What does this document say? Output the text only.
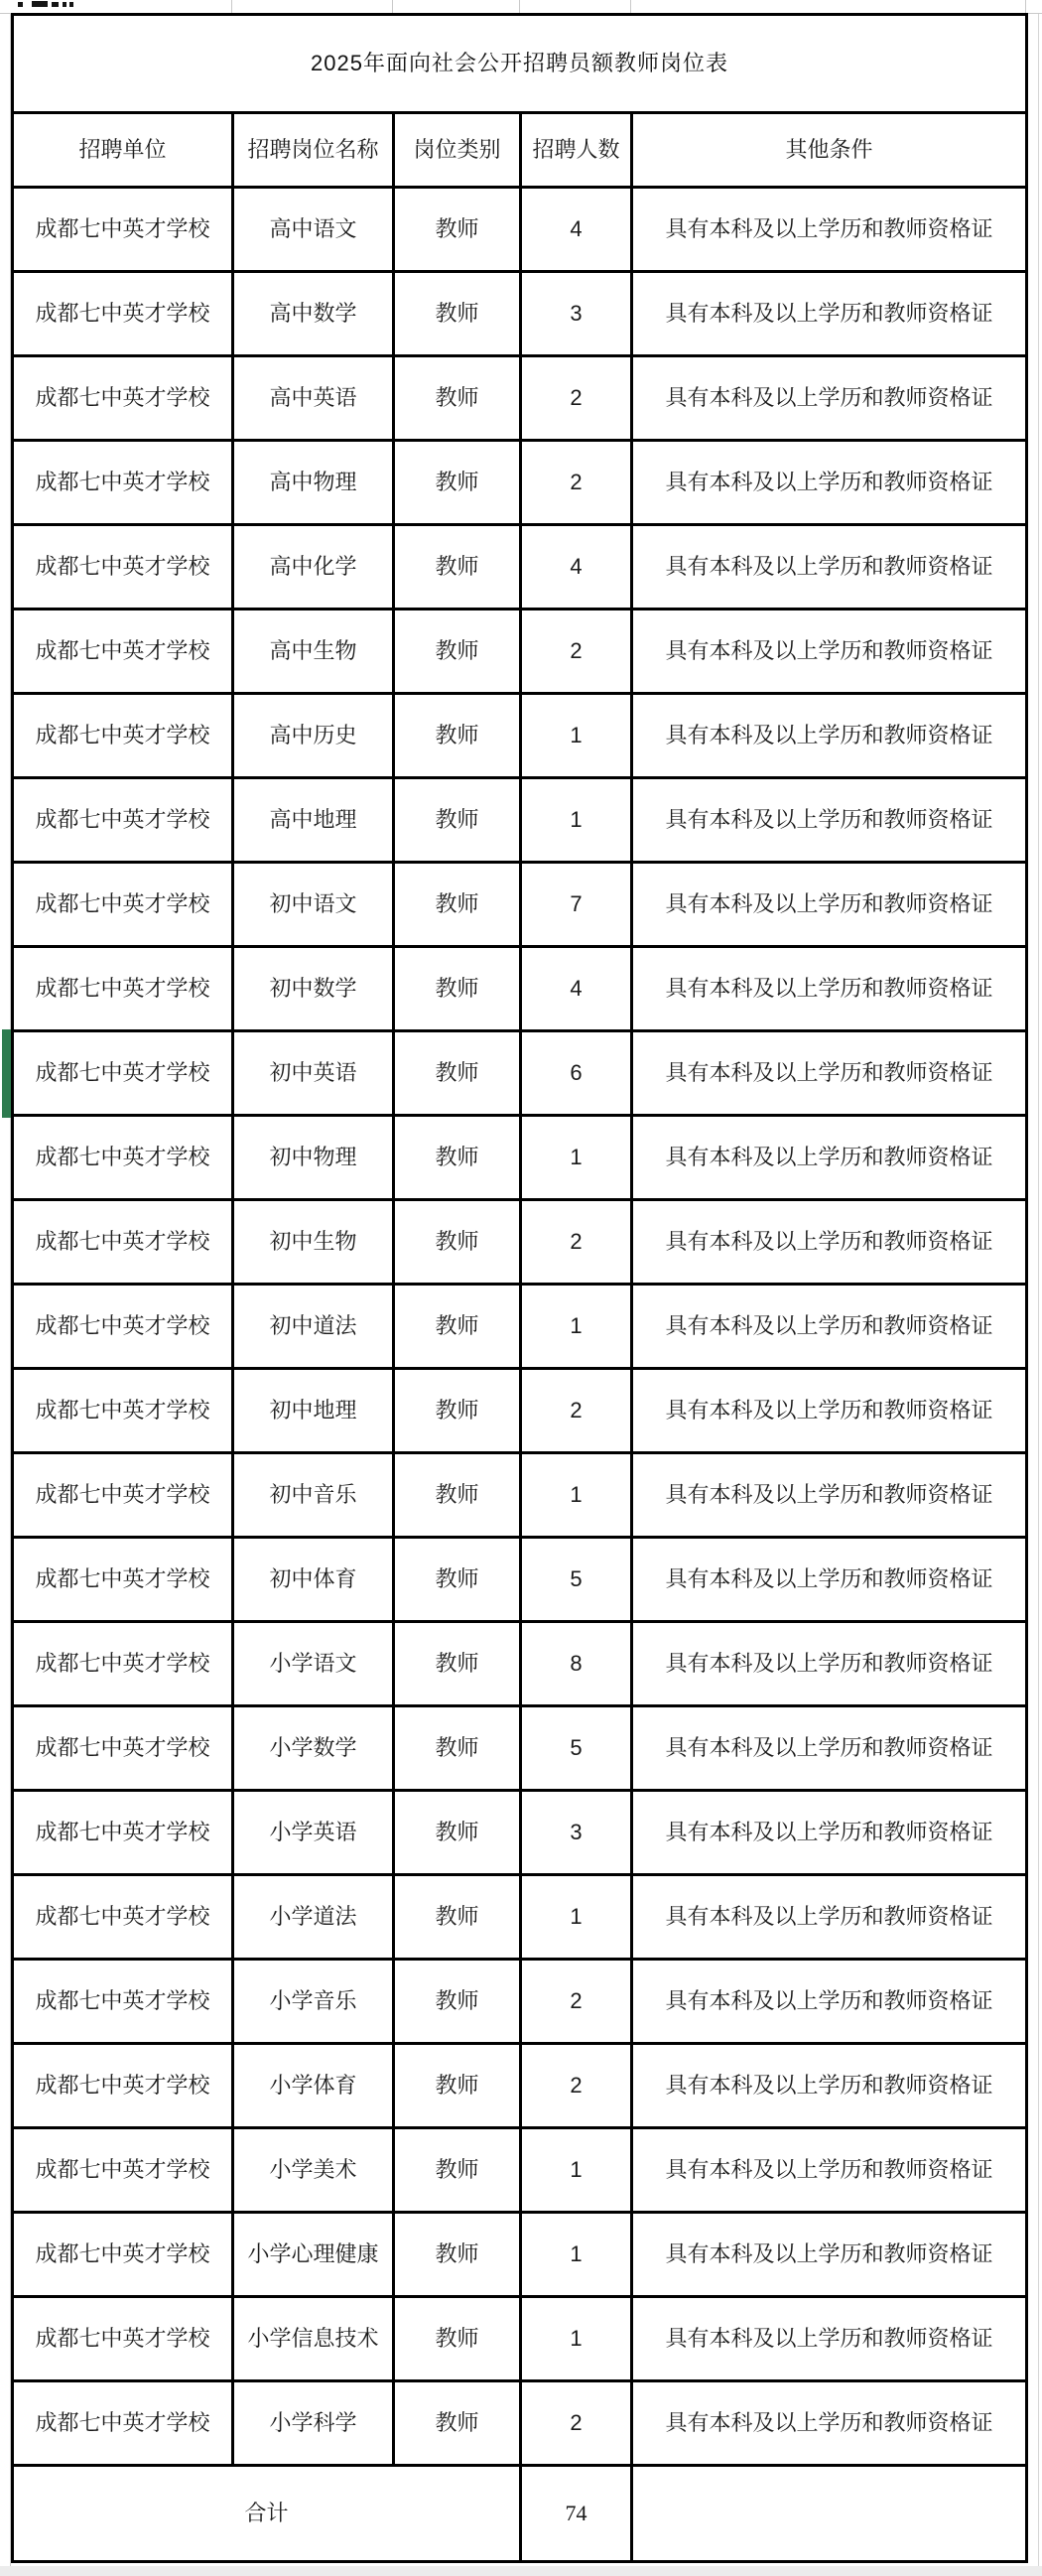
2025年面向社会公开招聘员额教师岗位表				
招聘单位	招聘岗位名称	岗位类别	招聘人数	其他条件
成都七中英才学校	高中语文	教师	4	具有本科及以上学历和教师资格证
成都七中英才学校	高中数学	教师	3	具有本科及以上学历和教师资格证
成都七中英才学校	高中英语	教师	2	具有本科及以上学历和教师资格证
成都七中英才学校	高中物理	教师	2	具有本科及以上学历和教师资格证
成都七中英才学校	高中化学	教师	4	具有本科及以上学历和教师资格证
成都七中英才学校	高中生物	教师	2	具有本科及以上学历和教师资格证
成都七中英才学校	高中历史	教师	1	具有本科及以上学历和教师资格证
成都七中英才学校	高中地理	教师	1	具有本科及以上学历和教师资格证
成都七中英才学校	初中语文	教师	7	具有本科及以上学历和教师资格证
成都七中英才学校	初中数学	教师	4	具有本科及以上学历和教师资格证
成都七中英才学校	初中英语	教师	6	具有本科及以上学历和教师资格证
成都七中英才学校	初中物理	教师	1	具有本科及以上学历和教师资格证
成都七中英才学校	初中生物	教师	2	具有本科及以上学历和教师资格证
成都七中英才学校	初中道法	教师	1	具有本科及以上学历和教师资格证
成都七中英才学校	初中地理	教师	2	具有本科及以上学历和教师资格证
成都七中英才学校	初中音乐	教师	1	具有本科及以上学历和教师资格证
成都七中英才学校	初中体育	教师	5	具有本科及以上学历和教师资格证
成都七中英才学校	小学语文	教师	8	具有本科及以上学历和教师资格证
成都七中英才学校	小学数学	教师	5	具有本科及以上学历和教师资格证
成都七中英才学校	小学英语	教师	3	具有本科及以上学历和教师资格证
成都七中英才学校	小学道法	教师	1	具有本科及以上学历和教师资格证
成都七中英才学校	小学音乐	教师	2	具有本科及以上学历和教师资格证
成都七中英才学校	小学体育	教师	2	具有本科及以上学历和教师资格证
成都七中英才学校	小学美术	教师	1	具有本科及以上学历和教师资格证
成都七中英才学校	小学心理健康	教师	1	具有本科及以上学历和教师资格证
成都七中英才学校	小学信息技术	教师	1	具有本科及以上学历和教师资格证
成都七中英才学校	小学科学	教师	2	具有本科及以上学历和教师资格证
合计			74	
